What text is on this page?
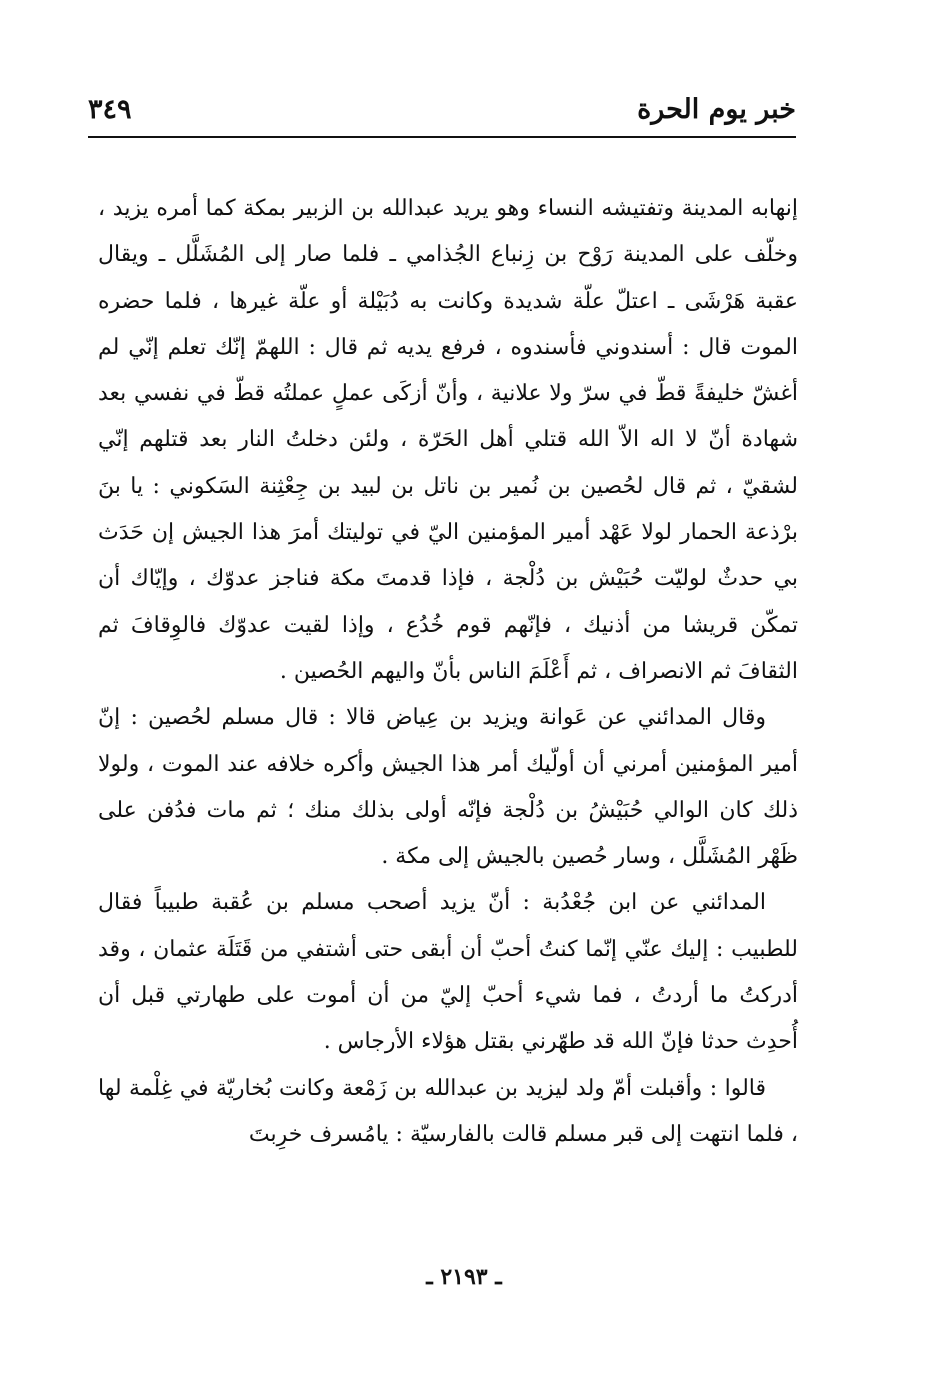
خبر يوم الحرة
٣٤٩

إنهابه المدينة وتفتيشه النساء وهو يريد عبدالله بن الزبير بمكة كما أمره يزيد ، وخلّف على المدينة رَوْح بن زِنباع الجُذامي ـ فلما صار إلى المُشَلَّل ـ ويقال عقبة هَرْشَى ـ اعتلّ علّة شديدة وكانت به دُبَيْلة أو علّة غيرها ، فلما حضره الموت قال : أسندوني فأسندوه ، فرفع يديه ثم قال : اللهمّ إنّك تعلم إنّي لم أغشّ خليفةً قطّ في سرّ ولا علانية ، وأنّ أزكَى عملٍ عملتُه قطّ في نفسي بعد شهادة أنّ لا اله الاّ الله قتلي أهل الحَرّة ، ولئن دخلتُ النار بعد قتلهم إنّي لشقيّ ، ثم قال لحُصين بن نُمير بن ناتل بن لبيد بن جِعْثِنة السَكوني : يا بنَ برْذعة الحمار لولا عَهْد أمير المؤمنين اليّ في توليتك أمرَ هذا الجيش إن حَدَث بي حدثٌ لوليّت حُبَيْش بن دُلْجة ، فإذا قدمتَ مكة فناجز عدوّك ، وإيّاك أن تمكّن قريشا من أذنيك ، فإنّهم قوم خُدُع ، وإذا لقيت عدوّك فالوِقافَ ثم الثقافَ ثم الانصراف ، ثم أَعْلَمَ الناس بأنّ واليهم الحُصين .

وقال المدائني عن عَوانة ويزيد بن عِياض قالا : قال مسلم لحُصين : إنّ أمير المؤمنين أمرني أن أولّيك أمر هذا الجيش وأكره خلافه عند الموت ، ولولا ذلك كان الوالي حُبَيْشُ بن دُلْجة فإنّه أولى بذلك منك ؛ ثم مات فدُفن على ظَهْر المُشَلَّل ، وسار حُصين بالجيش إلى مكة .

المدائني عن ابن جُعْدُبة : أنّ يزيد أصحب مسلم بن عُقبة طبيباً فقال للطبيب : إليك عنّي إنّما كنتُ أحبّ أن أبقى حتى أشتفي من قَتَلَة عثمان ، وقد أدركتُ ما أردتُ ، فما شيء أحبّ إليّ من أن أموت على طهارتي قبل أن أُحدِث حدثا فإنّ الله قد طهّرني بقتل هؤلاء الأرجاس .

قالوا : وأقبلت أمّ ولد ليزيد بن عبدالله بن زَمْعة وكانت بُخاريّة في غِلْمة لها ، فلما انتهت إلى قبر مسلم قالت بالفارسيّة : يامُسرف خرِبتَ

ـ ٢١٩٣ ـ
